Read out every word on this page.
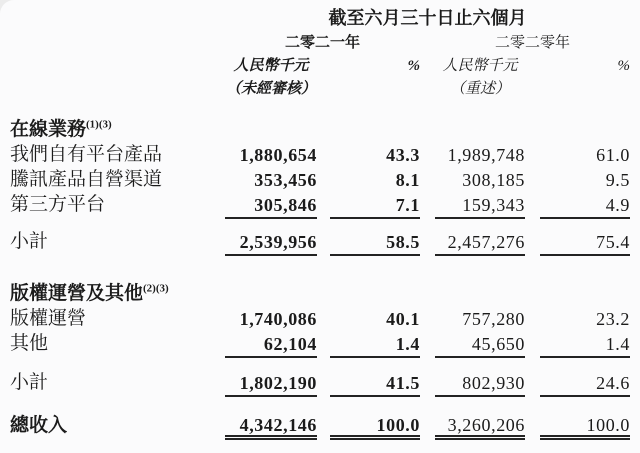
截至六月三十日止六個月
二零二一年	二零二零年
人民幣千元	%	人民幣千元	%
（未經審核）	（重述）
在線業務$^{(1)(3)}$
我們自有平台產品	1,880,654	43.3	1,989,748	61.0
騰訊產品自營渠道	353,456	8.1	308,185	9.5
第三方平台	305,846	7.1	159,343	4.9
小計	2,539,956	58.5	2,457,276	75.4
版權運營及其他$^{(2)(3)}$
版權運營	1,740,086	40.1	757,280	23.2
其他	62,104	1.4	45,650	1.4
小計	1,802,190	41.5	802,930	24.6
總收入	4,342,146	100.0	3,260,206	100.0
